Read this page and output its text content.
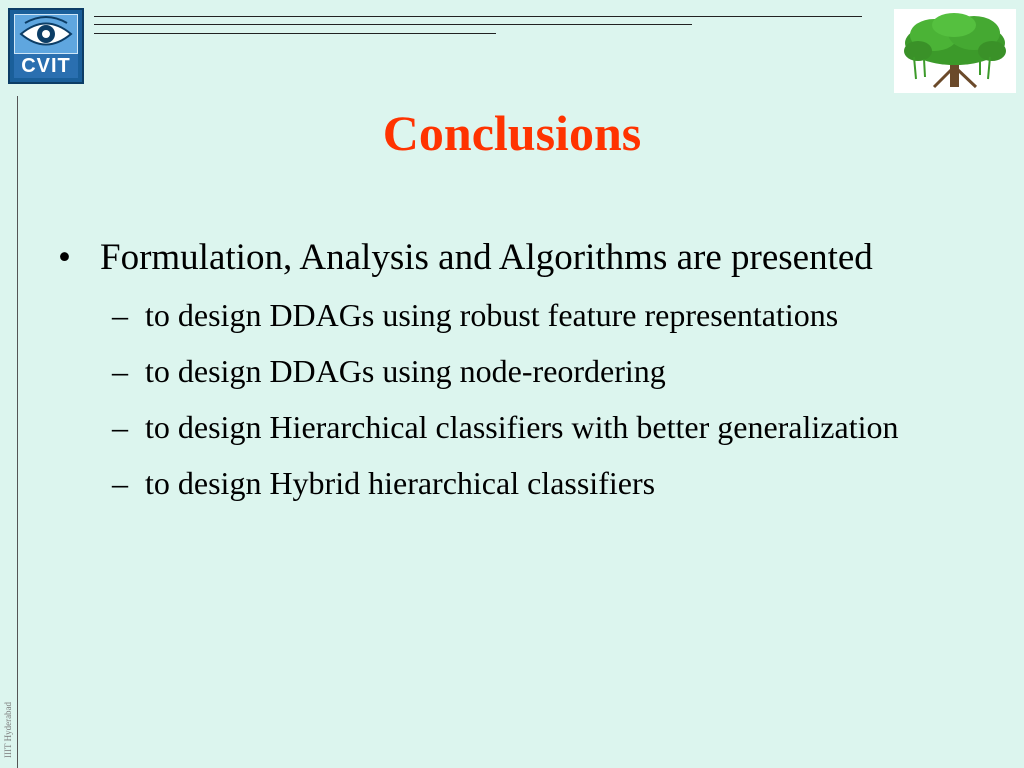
CVIT
Conclusions
• Formulation, Analysis and Algorithms are presented
– to design DDAGs using robust feature representations
– to design DDAGs using node-reordering
– to design Hierarchical classifiers with better generalization
– to design Hybrid hierarchical classifiers
IIIT Hyderabad
